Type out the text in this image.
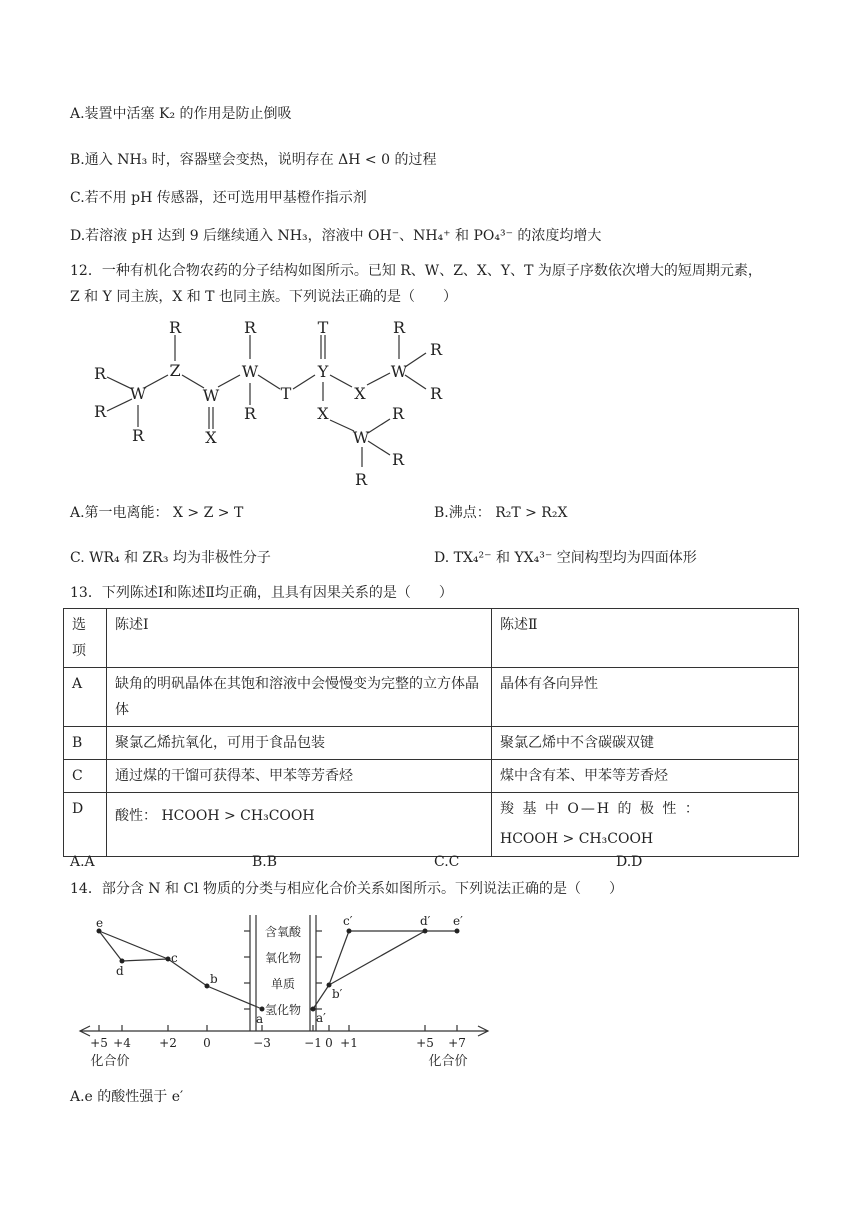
A.装置中活塞 K₂ 的作用是防止倒吸
B.通入 NH₃ 时，容器壁会变热，说明存在 ΔH < 0 的过程
C.若不用 pH 传感器，还可选用甲基橙作指示剂
D.若溶液 pH 达到 9 后继续通入 NH₃，溶液中 OH⁻、NH₄⁺ 和 PO₄³⁻ 的浓度均增大
12．一种有机化合物农药的分子结构如图所示。已知 R、W、Z、X、Y、T 为原子序数依次增大的短周期元素，
Z 和 Y 同主族，X 和 T 也同主族。下列说法正确的是（　　）
R
R
W
R
R
Z
W
X
R
W
R
T
T
Y
X
X
R
W
R
R
R
W
R
R
A.第一电离能： X > Z > T	B.沸点： R₂T > R₂X
C. WR₄ 和 ZR₃ 均为非极性分子	D. TX₄²⁻ 和 YX₄³⁻ 空间构型均为四面体形
13．下列陈述Ⅰ和陈述Ⅱ均正确，且具有因果关系的是（　　）
选
项	陈述Ⅰ	陈述Ⅱ
A	缺角的明矾晶体在其饱和溶液中会慢慢变为完整的立方体晶体	晶体有各向异性
B	聚氯乙烯抗氧化，可用于食品包装	聚氯乙烯中不含碳碳双键
C	通过煤的干馏可获得苯、甲苯等芳香烃	煤中含有苯、甲苯等芳香烃
D	酸性： HCOOH > CH₃COOH	羧 基 中 O—H 的 极 性 ：
HCOOH > CH₃COOH
A.A	B.B	C.C	D.D
14．部分含 N 和 Cl 物质的分类与相应化合价关系如图所示。下列说法正确的是（　　）
含氧酸
氧化物
单质
氢化物
e
d
c
b
a	a′
b′
c′	d′ e′
+5 +4 +2 0	−3	−1 0 +1	+5 +7
化合价	化合价
A.e 的酸性强于 e′
